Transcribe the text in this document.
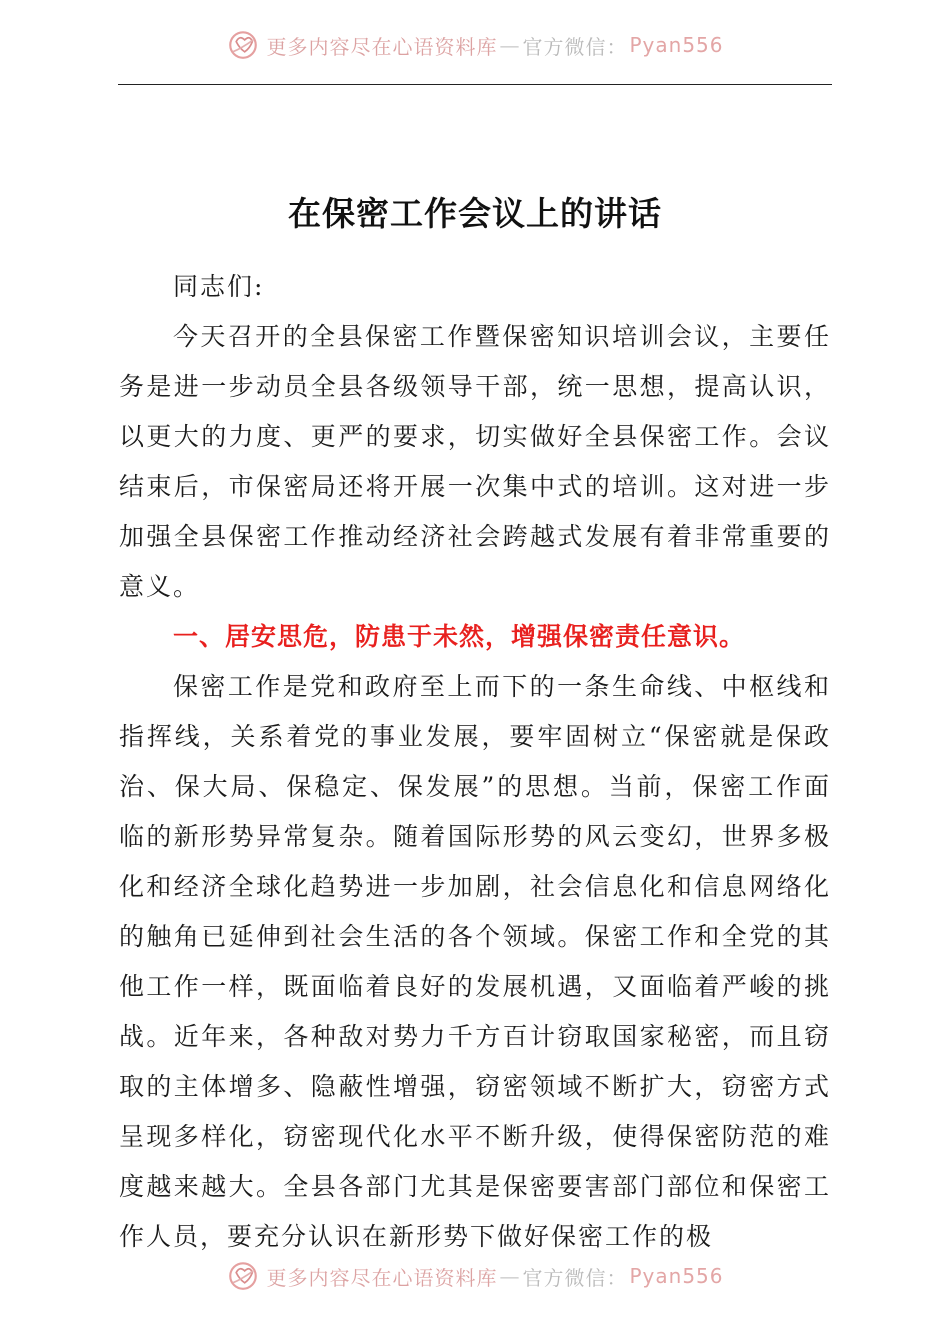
更多内容尽在心语资料库 — 官方微信： Pyan556
在保密工作会议上的讲话

同志们:

今天召开的全县保密工作暨保密知识培训会议，主要任务是进一步动员全县各级领导干部，统一思想，提高认识，以更大的力度、更严的要求，切实做好全县保密工作。会议结束后，市保密局还将开展一次集中式的培训。这对进一步加强全县保密工作推动经济社会跨越式发展有着非常重要的意义。

一、居安思危，防患于未然，增强保密责任意识。

保密工作是党和政府至上而下的一条生命线、中枢线和指挥线，关系着党的事业发展，要牢固树立“保密就是保政治、保大局、保稳定、保发展”的思想。当前，保密工作面临的新形势异常复杂。随着国际形势的风云变幻，世界多极化和经济全球化趋势进一步加剧，社会信息化和信息网络化的触角已延伸到社会生活的各个领域。保密工作和全党的其他工作一样，既面临着良好的发展机遇，又面临着严峻的挑战。近年来，各种敌对势力千方百计窃取国家秘密，而且窃取的主体增多、隐蔽性增强，窃密领域不断扩大，窃密方式呈现多样化，窃密现代化水平不断升级，使得保密防范的难度越来越大。全县各部门尤其是保密要害部门部位和保密工作人员，要充分认识在新形势下做好保密工作的极

更多内容尽在心语资料库 — 官方微信： Pyan556
